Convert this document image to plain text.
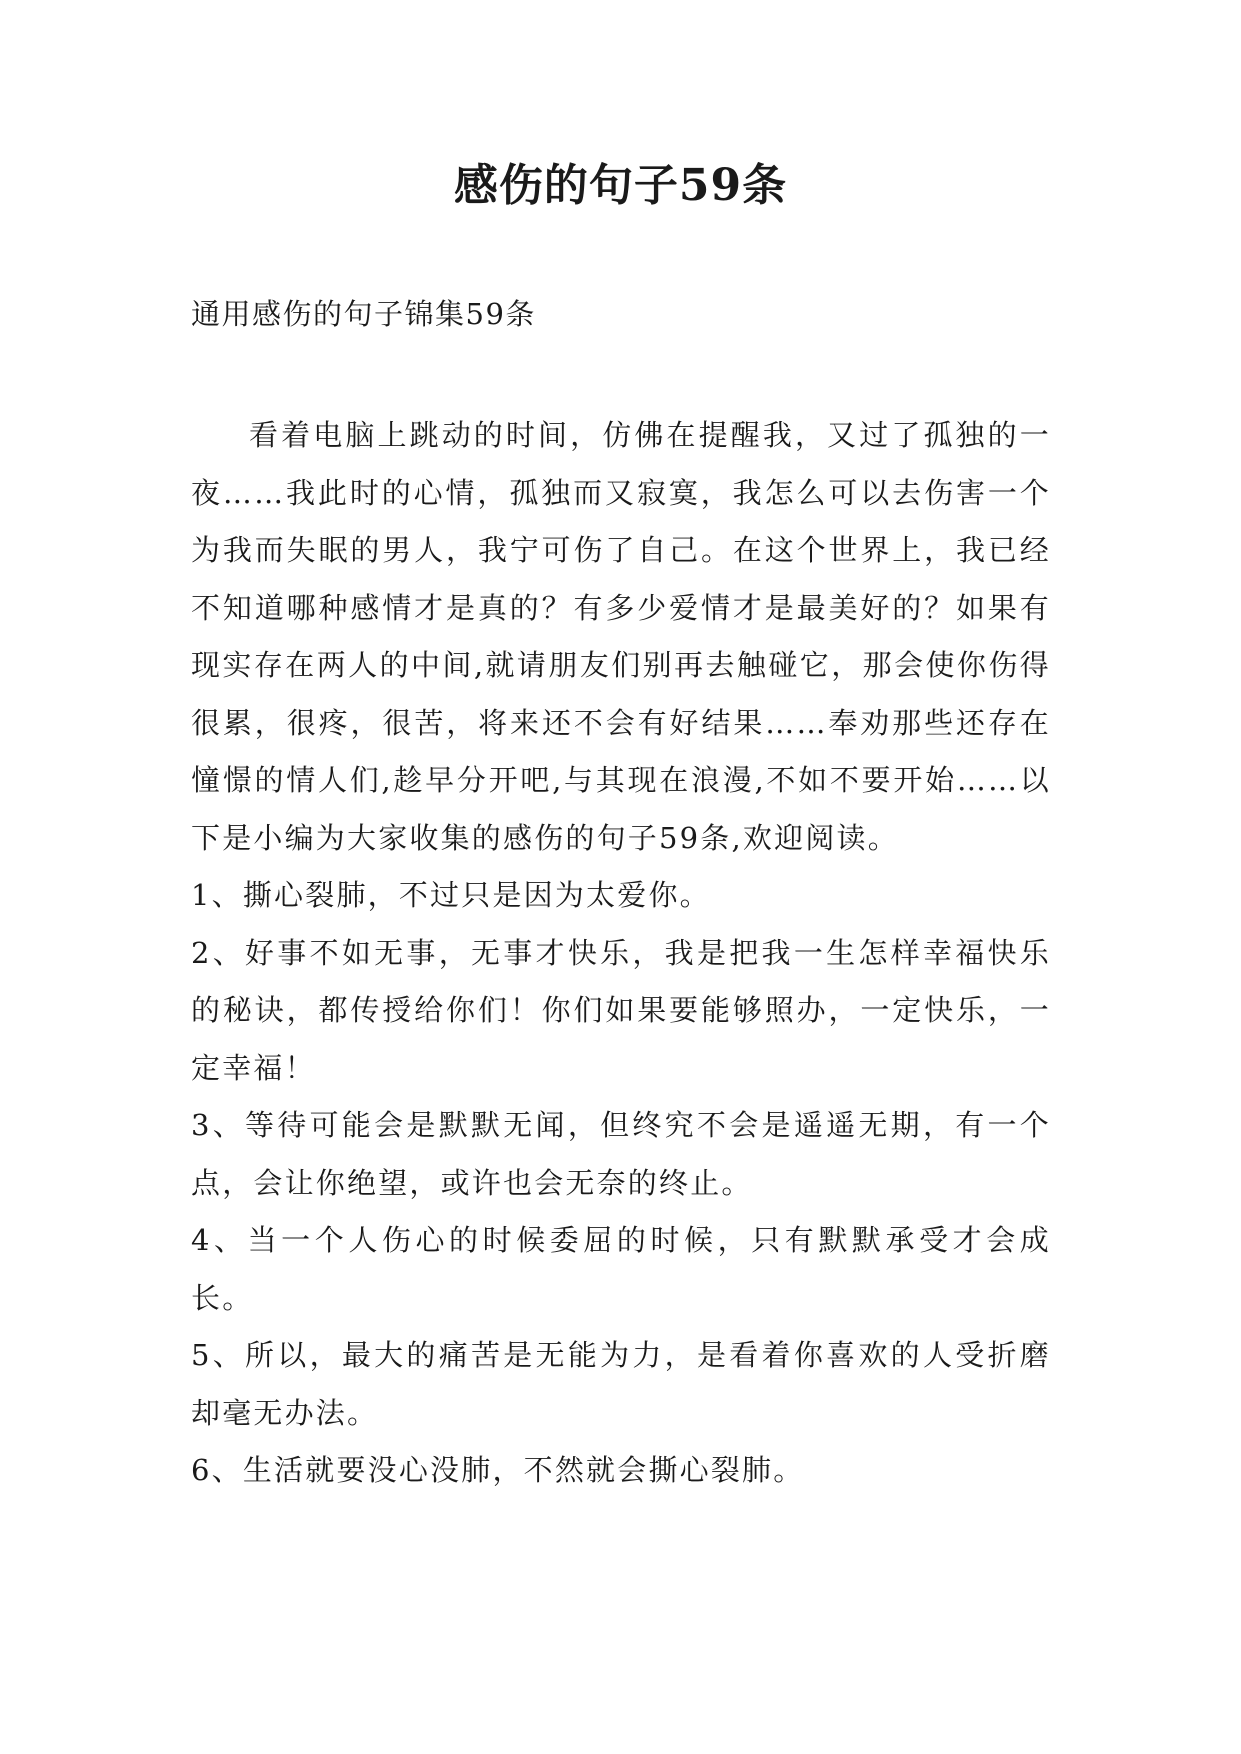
感伤的句子59条

通用感伤的句子锦集59条

看着电脑上跳动的时间，仿佛在提醒我，又过了孤独的一夜……我此时的心情，孤独而又寂寞，我怎么可以去伤害一个为我而失眠的男人，我宁可伤了自己。在这个世界上，我已经不知道哪种感情才是真的？有多少爱情才是最美好的？如果有现实存在两人的中间,就请朋友们别再去触碰它，那会使你伤得很累，很疼，很苦，将来还不会有好结果……奉劝那些还存在憧憬的情人们,趁早分开吧,与其现在浪漫,不如不要开始……以下是小编为大家收集的感伤的句子59条,欢迎阅读。

1、撕心裂肺，不过只是因为太爱你。

2、好事不如无事，无事才快乐，我是把我一生怎样幸福快乐的秘诀，都传授给你们！你们如果要能够照办，一定快乐，一定幸福！

3、等待可能会是默默无闻，但终究不会是遥遥无期，有一个点，会让你绝望，或许也会无奈的终止。

4、当一个人伤心的时候委屈的时候，只有默默承受才会成长。

5、所以，最大的痛苦是无能为力，是看着你喜欢的人受折磨却毫无办法。

6、生活就要没心没肺，不然就会撕心裂肺。
